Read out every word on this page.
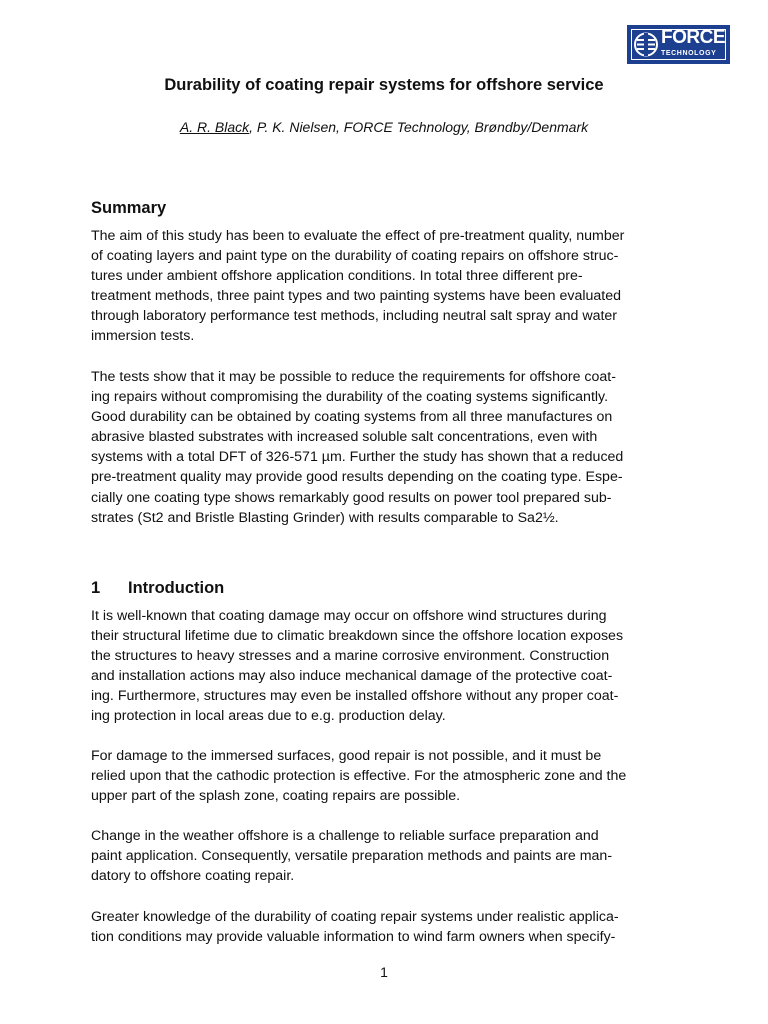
FORCE
TECHNOLOGY
Durability of coating repair systems for offshore service
A. R. Black, P. K. Nielsen, FORCE Technology, Brøndby/Denmark
Summary

The aim of this study has been to evaluate the effect of pre-treatment quality, number
of coating layers and paint type on the durability of coating repairs on offshore struc-
tures under ambient offshore application conditions. In total three different pre-
treatment methods, three paint types and two painting systems have been evaluated
through laboratory performance test methods, including neutral salt spray and water
immersion tests.

The tests show that it may be possible to reduce the requirements for offshore coat-
ing repairs without compromising the durability of the coating systems significantly.
Good durability can be obtained by coating systems from all three manufactures on
abrasive blasted substrates with increased soluble salt concentrations, even with
systems with a total DFT of 326-571 µm. Further the study has shown that a reduced
pre-treatment quality may provide good results depending on the coating type. Espe-
cially one coating type shows remarkably good results on power tool prepared sub-
strates (St2 and Bristle Blasting Grinder) with results comparable to Sa2½.

1 Introduction

It is well-known that coating damage may occur on offshore wind structures during
their structural lifetime due to climatic breakdown since the offshore location exposes
the structures to heavy stresses and a marine corrosive environment. Construction
and installation actions may also induce mechanical damage of the protective coat-
ing. Furthermore, structures may even be installed offshore without any proper coat-
ing protection in local areas due to e.g. production delay.

For damage to the immersed surfaces, good repair is not possible, and it must be
relied upon that the cathodic protection is effective. For the atmospheric zone and the
upper part of the splash zone, coating repairs are possible.

Change in the weather offshore is a challenge to reliable surface preparation and
paint application. Consequently, versatile preparation methods and paints are man-
datory to offshore coating repair.

Greater knowledge of the durability of coating repair systems under realistic applica-
tion conditions may provide valuable information to wind farm owners when specify-

1
